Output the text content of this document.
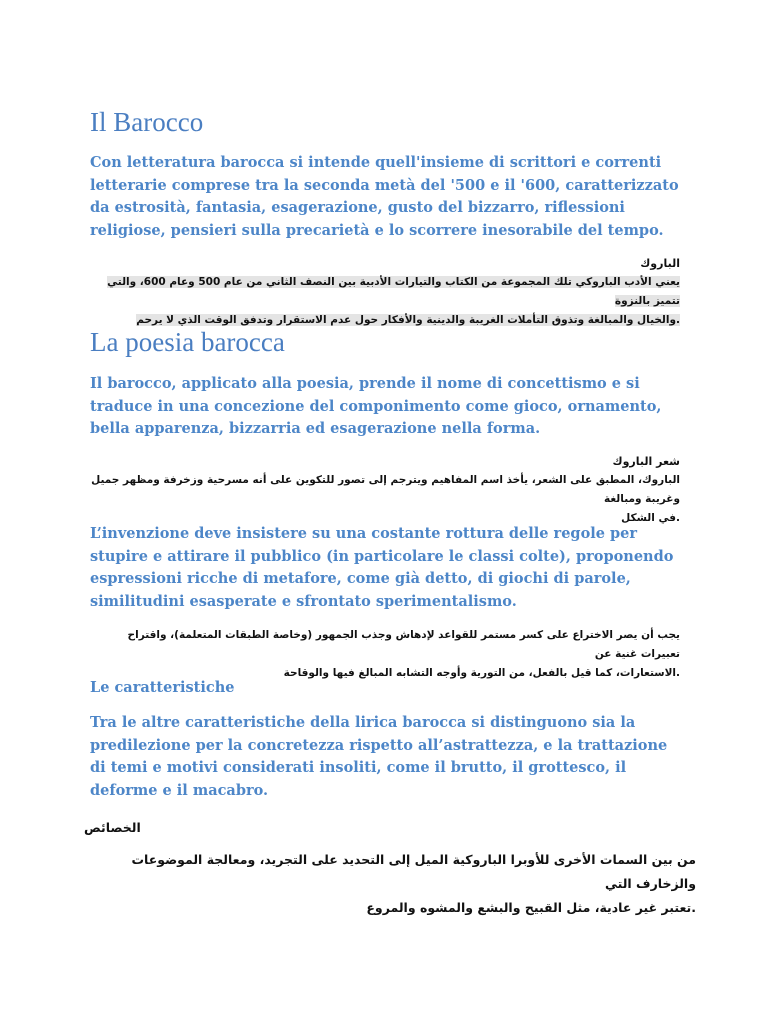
Il Barocco

Con letteratura barocca si intende quell'insieme di scrittori e correnti letterarie comprese tra la seconda metà del '500 e il '600, caratterizzato da estrosità, fantasia, esagerazione, gusto del bizzarro, riflessioni religiose, pensieri sulla precarietà e lo scorrere inesorabile del tempo.

الباروك

يعني الأدب الباروكي تلك المجموعة من الكتاب والتيارات الأدبية بين النصف الثاني من عام 500 وعام 600، والتي تتميز بالنزوة

.والخيال والمبالغة وتذوق التأملات الغريبة والدينية والأفكار حول عدم الاستقرار وتدفق الوقت الذي لا يرحم

La poesia barocca

Il barocco, applicato alla poesia, prende il nome di concettismo e si traduce in una concezione del componimento come gioco, ornamento, bella apparenza, bizzarria ed esagerazione nella forma.

شعر الباروك

الباروك، المطبق على الشعر، يأخذ اسم المفاهيم ويترجم إلى تصور للتكوين على أنه مسرحية وزخرفة ومظهر جميل وغريبة ومبالغة

.في الشكل

L’invenzione deve insistere su una costante rottura delle regole per stupire e attirare il pubblico (in particolare le classi colte), proponendo espressioni ricche di metafore, come già detto, di giochi di parole, similitudini esasperate e sfrontato sperimentalismo.

يجب أن يصر الاختراع على كسر مستمر للقواعد لإدهاش وجذب الجمهور (وخاصة الطبقات المتعلمة)، واقتراح تعبيرات غنية عن

.الاستعارات، كما قيل بالفعل، من التورية وأوجه التشابه المبالغ فيها والوقاحة

Le caratteristiche

Tra le altre caratteristiche della lirica barocca si distinguono sia la predilezione per la concretezza rispetto all’astrattezza, e la trattazione di temi e motivi considerati insoliti, come il brutto, il grottesco, il deforme e il macabro.

الخصائص

من بين السمات الأخرى للأوبرا الباروكية الميل إلى التحديد على التجريد، ومعالجة الموضوعات والزخارف التي

.تعتبر غير عادية، مثل القبيح والبشع والمشوه والمروع
